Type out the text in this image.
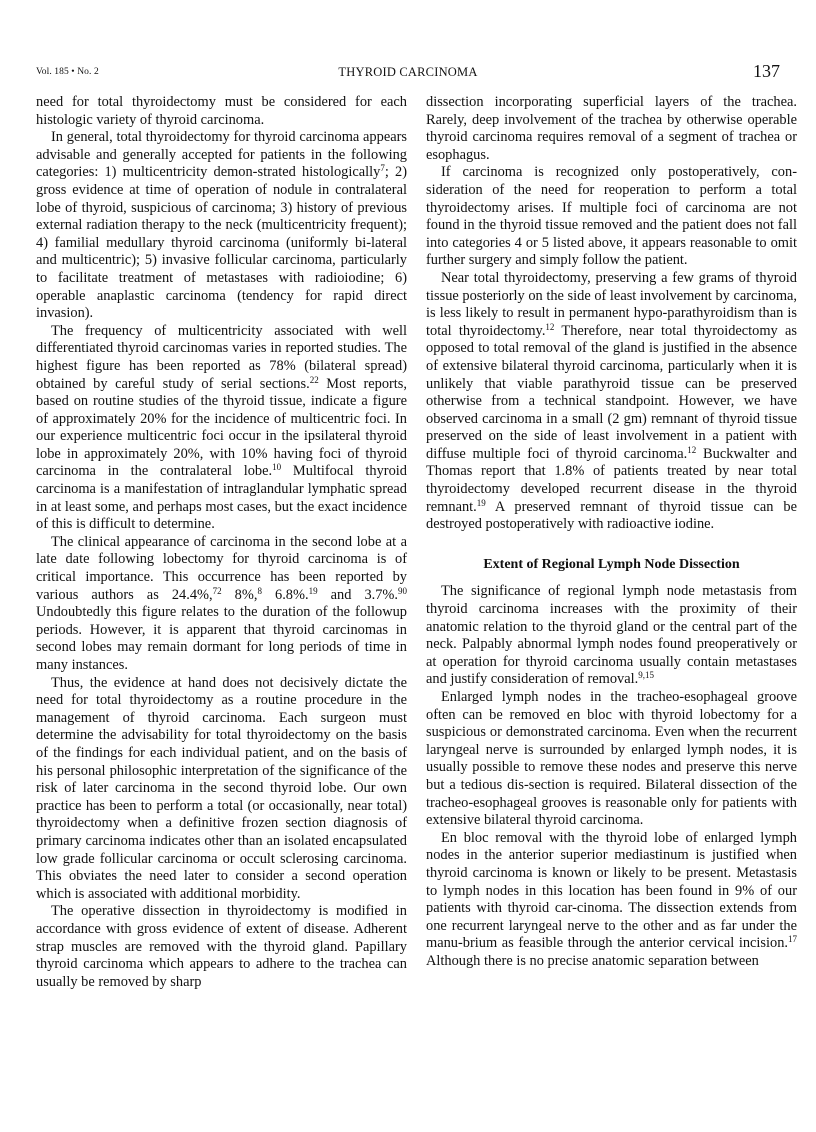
Vol. 185 • No. 2	THYROID CARCINOMA	137

need for total thyroidectomy must be considered for each histologic variety of thyroid carcinoma.

In general, total thyroidectomy for thyroid carcinoma appears advisable and generally accepted for patients in the following categories: 1) multicentricity demon-strated histologically$^7$; 2) gross evidence at time of operation of nodule in contralateral lobe of thyroid, suspicious of carcinoma; 3) history of previous external radiation therapy to the neck (multicentricity frequent); 4) familial medullary thyroid carcinoma (uniformly bi-lateral and multicentric); 5) invasive follicular carcinoma, particularly to facilitate treatment of metastases with radioiodine; 6) operable anaplastic carcinoma (tendency for rapid direct invasion).

The frequency of multicentricity associated with well differentiated thyroid carcinomas varies in reported studies. The highest figure has been reported as 78% (bilateral spread) obtained by careful study of serial sections.$^{22}$ Most reports, based on routine studies of the thyroid tissue, indicate a figure of approximately 20% for the incidence of multicentric foci. In our experience multicentric foci occur in the ipsilateral thyroid lobe in approximately 20%, with 10% having foci of thyroid carcinoma in the contralateral lobe.$^{10}$ Multifocal thyroid carcinoma is a manifestation of intraglandular lymphatic spread in at least some, and perhaps most cases, but the exact incidence of this is difficult to determine.

The clinical appearance of carcinoma in the second lobe at a late date following lobectomy for thyroid carcinoma is of critical importance. This occurrence has been reported by various authors as 24.4%,$^{72}$ 8%,$^8$ 6.8%.$^{19}$ and 3.7%.$^{90}$ Undoubtedly this figure relates to the duration of the followup periods. However, it is apparent that thyroid carcinomas in second lobes may remain dormant for long periods of time in many instances.

Thus, the evidence at hand does not decisively dictate the need for total thyroidectomy as a routine procedure in the management of thyroid carcinoma. Each surgeon must determine the advisability for total thyroidectomy on the basis of the findings for each individual patient, and on the basis of his personal philosophic interpretation of the significance of the risk of later carcinoma in the second thyroid lobe. Our own practice has been to perform a total (or occasionally, near total) thyroidectomy when a definitive frozen section diagnosis of primary carcinoma indicates other than an isolated encapsulated low grade follicular carcinoma or occult sclerosing carcinoma. This obviates the need later to consider a second operation which is associated with additional morbidity.

The operative dissection in thyroidectomy is modified in accordance with gross evidence of extent of disease. Adherent strap muscles are removed with the thyroid gland. Papillary thyroid carcinoma which appears to adhere to the trachea can usually be removed by sharp

dissection incorporating superficial layers of the trachea. Rarely, deep involvement of the trachea by otherwise operable thyroid carcinoma requires removal of a segment of trachea or esophagus.

If carcinoma is recognized only postoperatively, con-sideration of the need for reoperation to perform a total thyroidectomy arises. If multiple foci of carcinoma are not found in the thyroid tissue removed and the patient does not fall into categories 4 or 5 listed above, it appears reasonable to omit further surgery and simply follow the patient.

Near total thyroidectomy, preserving a few grams of thyroid tissue posteriorly on the side of least involvement by carcinoma, is less likely to result in permanent hypo-parathyroidism than is total thyroidectomy.$^{12}$ Therefore, near total thyroidectomy as opposed to total removal of the gland is justified in the absence of extensive bilateral thyroid carcinoma, particularly when it is unlikely that viable parathyroid tissue can be preserved otherwise from a technical standpoint. However, we have observed carcinoma in a small (2 gm) remnant of thyroid tissue preserved on the side of least involvement in a patient with diffuse multiple foci of thyroid carcinoma.$^{12}$ Buckwalter and Thomas report that 1.8% of patients treated by near total thyroidectomy developed recurrent disease in the thyroid remnant.$^{19}$ A preserved remnant of thyroid tissue can be destroyed postoperatively with radioactive iodine.

Extent of Regional Lymph Node Dissection

The significance of regional lymph node metastasis from thyroid carcinoma increases with the proximity of their anatomic relation to the thyroid gland or the central part of the neck. Palpably abnormal lymph nodes found preoperatively or at operation for thyroid carcinoma usually contain metastases and justify consideration of removal.$^{9,15}$

Enlarged lymph nodes in the tracheo-esophageal groove often can be removed en bloc with thyroid lobectomy for a suspicious or demonstrated carcinoma. Even when the recurrent laryngeal nerve is surrounded by enlarged lymph nodes, it is usually possible to remove these nodes and preserve this nerve but a tedious dis-section is required. Bilateral dissection of the tracheo-esophageal grooves is reasonable only for patients with extensive bilateral thyroid carcinoma.

En bloc removal with the thyroid lobe of enlarged lymph nodes in the anterior superior mediastinum is justified when thyroid carcinoma is known or likely to be present. Metastasis to lymph nodes in this location has been found in 9% of our patients with thyroid car-cinoma. The dissection extends from one recurrent laryngeal nerve to the other and as far under the manu-brium as feasible through the anterior cervical incision.$^{17}$ Although there is no precise anatomic separation between
